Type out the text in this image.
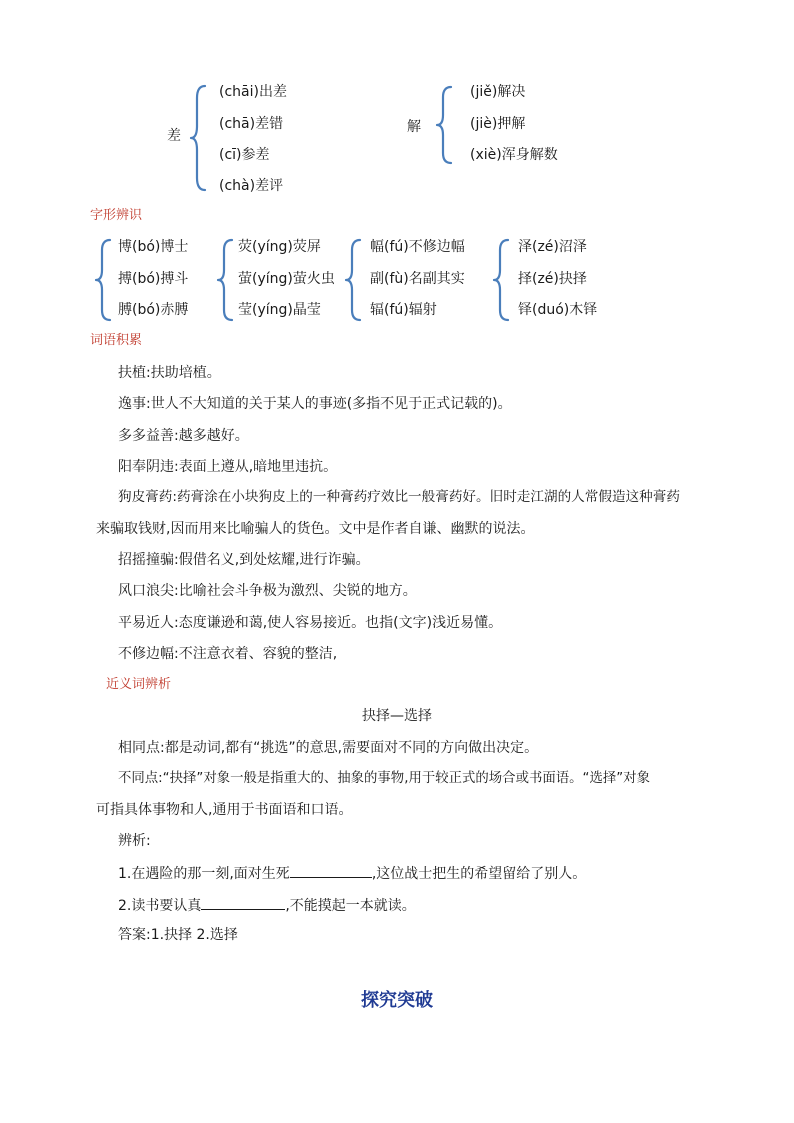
差
(chāi)出差
(chā)差错
(cī)参差
(chà)差评
解
(jiě)解决
(jiè)押解
(xiè)浑身解数
字形辨识
博(bó)博士
搏(bó)搏斗
膊(bó)赤膊
荧(yíng)荧屏
萤(yíng)萤火虫
莹(yíng)晶莹
幅(fú)不修边幅
副(fù)名副其实
辐(fú)辐射
泽(zé)沼泽
择(zé)抉择
铎(duó)木铎
词语积累
扶植:扶助培植。
逸事:世人不大知道的关于某人的事迹(多指不见于正式记载的)。
多多益善:越多越好。
阳奉阴违:表面上遵从,暗地里违抗。
狗皮膏药:药膏涂在小块狗皮上的一种膏药疗效比一般膏药好。旧时走江湖的人常假造这种膏药
来骗取钱财,因而用来比喻骗人的货色。文中是作者自谦、幽默的说法。
招摇撞骗:假借名义,到处炫耀,进行诈骗。
风口浪尖:比喻社会斗争极为激烈、尖锐的地方。
平易近人:态度谦逊和蔼,使人容易接近。也指(文字)浅近易懂。
不修边幅:不注意衣着、容貌的整洁,
近义词辨析
抉择—选择
相同点:都是动词,都有“挑选”的意思,需要面对不同的方向做出决定。
不同点:“抉择”对象一般是指重大的、抽象的事物,用于较正式的场合或书面语。“选择”对象
可指具体事物和人,通用于书面语和口语。
辨析:
1.在遇险的那一刻,面对生死	,这位战士把生的希望留给了别人。
2.读书要认真	,不能摸起一本就读。
答案:1.抉择 2.选择
探究突破
